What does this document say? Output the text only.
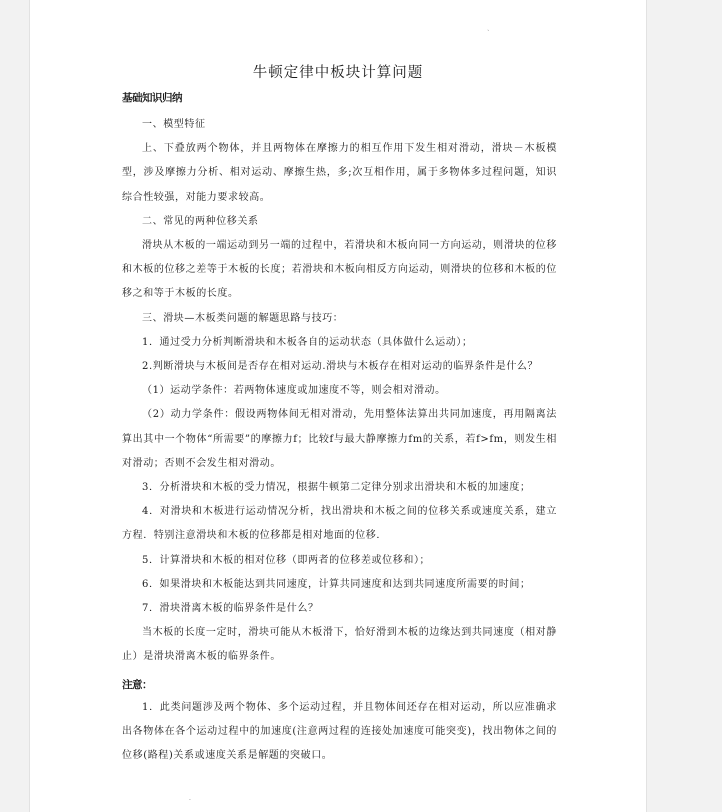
`
.
牛顿定律中板块计算问题
基础知识归纳

一、模型特征

上、下叠放两个物体，并且两物体在摩擦力的相互作用下发生相对滑动，滑块－木板模型，涉及摩擦力分析、相对运动、摩擦生热，多;次互相作用，属于多物体多过程问题，知识综合性较强，对能力要求较高。

二、常见的两种位移关系

滑块从木板的一端运动到另一端的过程中，若滑块和木板向同一方向运动，则滑块的位移和木板的位移之差等于木板的长度；若滑块和木板向相反方向运动，则滑块的位移和木板的位移之和等于木板的长度。

三、滑块—木板类问题的解题思路与技巧：

1．通过受力分析判断滑块和木板各自的运动状态（具体做什么运动）；

2.判断滑块与木板间是否存在相对运动.滑块与木板存在相对运动的临界条件是什么？

（1）运动学条件：若两物体速度或加速度不等，则会相对滑动。

（2）动力学条件：假设两物体间无相对滑动，先用整体法算出共同加速度，再用隔离法算出其中一个物体“所需要”的摩擦力f；比较f与最大静摩擦力fm的关系，若f>fm，则发生相对滑动；否则不会发生相对滑动。

3．分析滑块和木板的受力情况，根据牛顿第二定律分别求出滑块和木板的加速度；

4．对滑块和木板进行运动情况分析，找出滑块和木板之间的位移关系或速度关系，建立方程．特别注意滑块和木板的位移都是相对地面的位移．

5．计算滑块和木板的相对位移（即两者的位移差或位移和）；

6．如果滑块和木板能达到共同速度，计算共同速度和达到共同速度所需要的时间；

7．滑块滑离木板的临界条件是什么？

当木板的长度一定时，滑块可能从木板滑下，恰好滑到木板的边缘达到共同速度（相对静止）是滑块滑离木板的临界条件。

注意：

1．此类问题涉及两个物体、多个运动过程，并且物体间还存在相对运动，所以应准确求出各物体在各个运动过程中的加速度(注意两过程的连接处加速度可能突变)，找出物体之间的位移(路程)关系或速度关系是解题的突破口。
